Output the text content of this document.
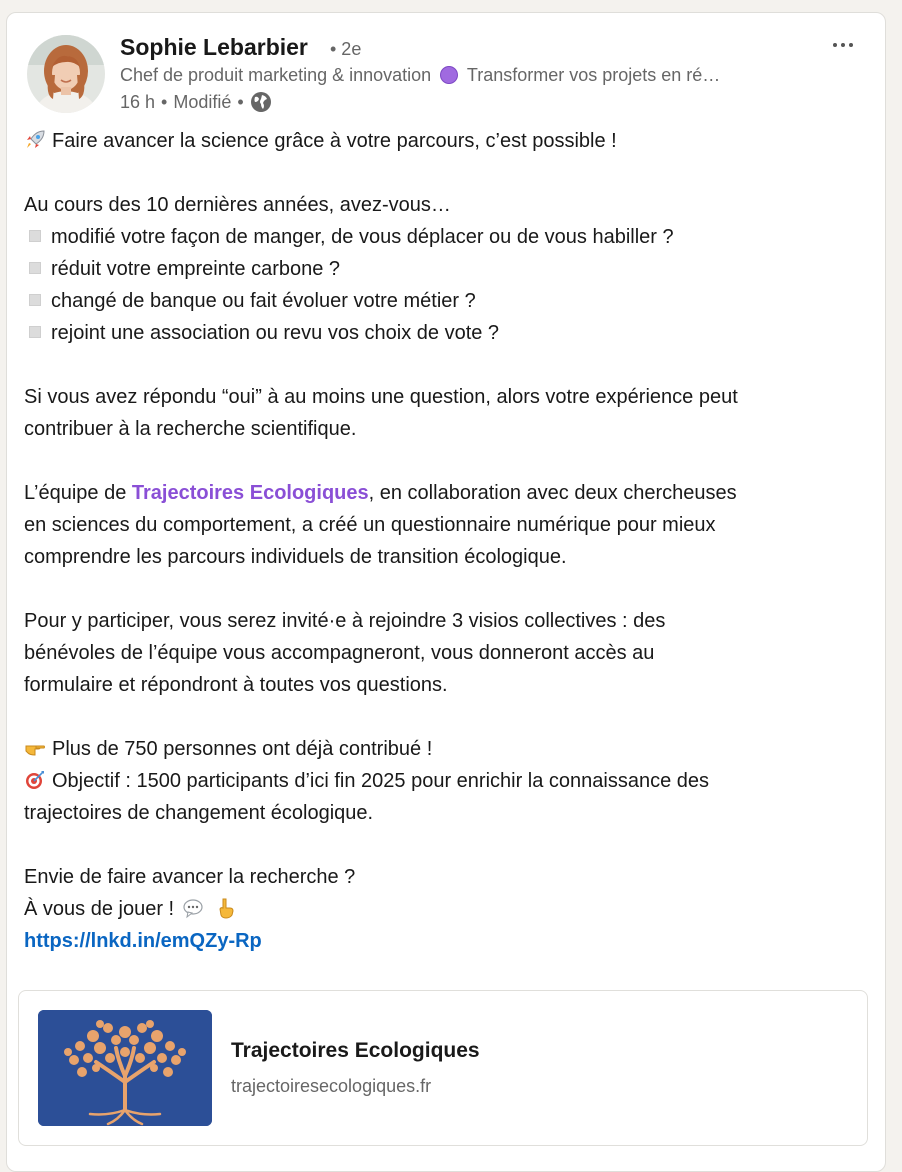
Sophie Lebarbier • 2e
Chef de produit marketing & innovation Transformer vos projets en ré…
16 h • Modifié •
Faire avancer la science grâce à votre parcours, c’est possible !
Au cours des 10 dernières années, avez-vous…
modifié votre façon de manger, de vous déplacer ou de vous habiller ?
réduit votre empreinte carbone ?
changé de banque ou fait évoluer votre métier ?
rejoint une association ou revu vos choix de vote ?
Si vous avez répondu “oui” à au moins une question, alors votre expérience peut
contribuer à la recherche scientifique.
L’équipe de Trajectoires Ecologiques, en collaboration avec deux chercheuses
en sciences du comportement, a créé un questionnaire numérique pour mieux
comprendre les parcours individuels de transition écologique.
Pour y participer, vous serez invité·e à rejoindre 3 visios collectives : des
bénévoles de l’équipe vous accompagneront, vous donneront accès au
formulaire et répondront à toutes vos questions.
Plus de 750 personnes ont déjà contribué !
Objectif : 1500 participants d’ici fin 2025 pour enrichir la connaissance des
trajectoires de changement écologique.
Envie de faire avancer la recherche ?
À vous de jouer !

https://lnkd.in/emQZy-Rp
Trajectoires Ecologiques
trajectoiresecologiques.fr
